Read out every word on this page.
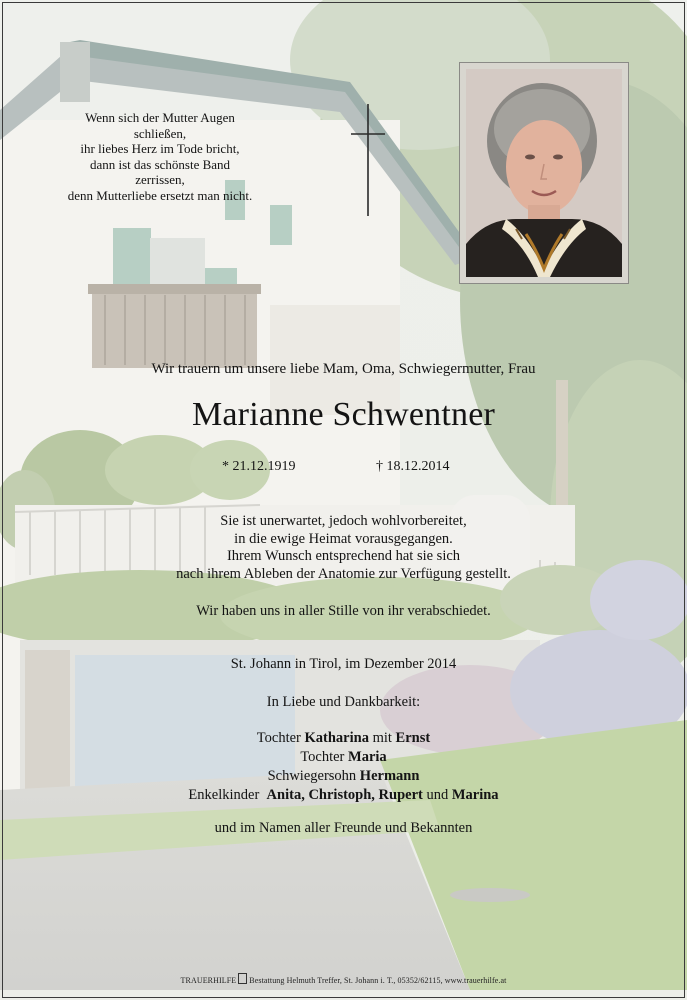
Wenn sich der Mutter Augen
schließen,
ihr liebes Herz im Tode bricht,
dann ist das schönste Band
zerrissen,
denn Mutterliebe ersetzt man nicht.
Wir trauern um unsere liebe Mam, Oma, Schwiegermutter, Frau
Marianne Schwentner
* 21.12.1919	† 18.12.2014
Sie ist unerwartet, jedoch wohlvorbereitet,
in die ewige Heimat vorausgegangen.
Ihrem Wunsch entsprechend hat sie sich
nach ihrem Ableben der Anatomie zur Verfügung gestellt.
Wir haben uns in aller Stille von ihr verabschiedet.
St. Johann in Tirol, im Dezember 2014
In Liebe und Dankbarkeit:
Tochter Katharina mit Ernst
Tochter Maria
Schwiegersohn Hermann
Enkelkinder Anita, Christoph, Rupert und Marina
und im Namen aller Freunde und Bekannten
TRAUERHILFE Bestattung Helmuth Treffer, St. Johann i. T., 05352/62115, www.trauerhilfe.at
